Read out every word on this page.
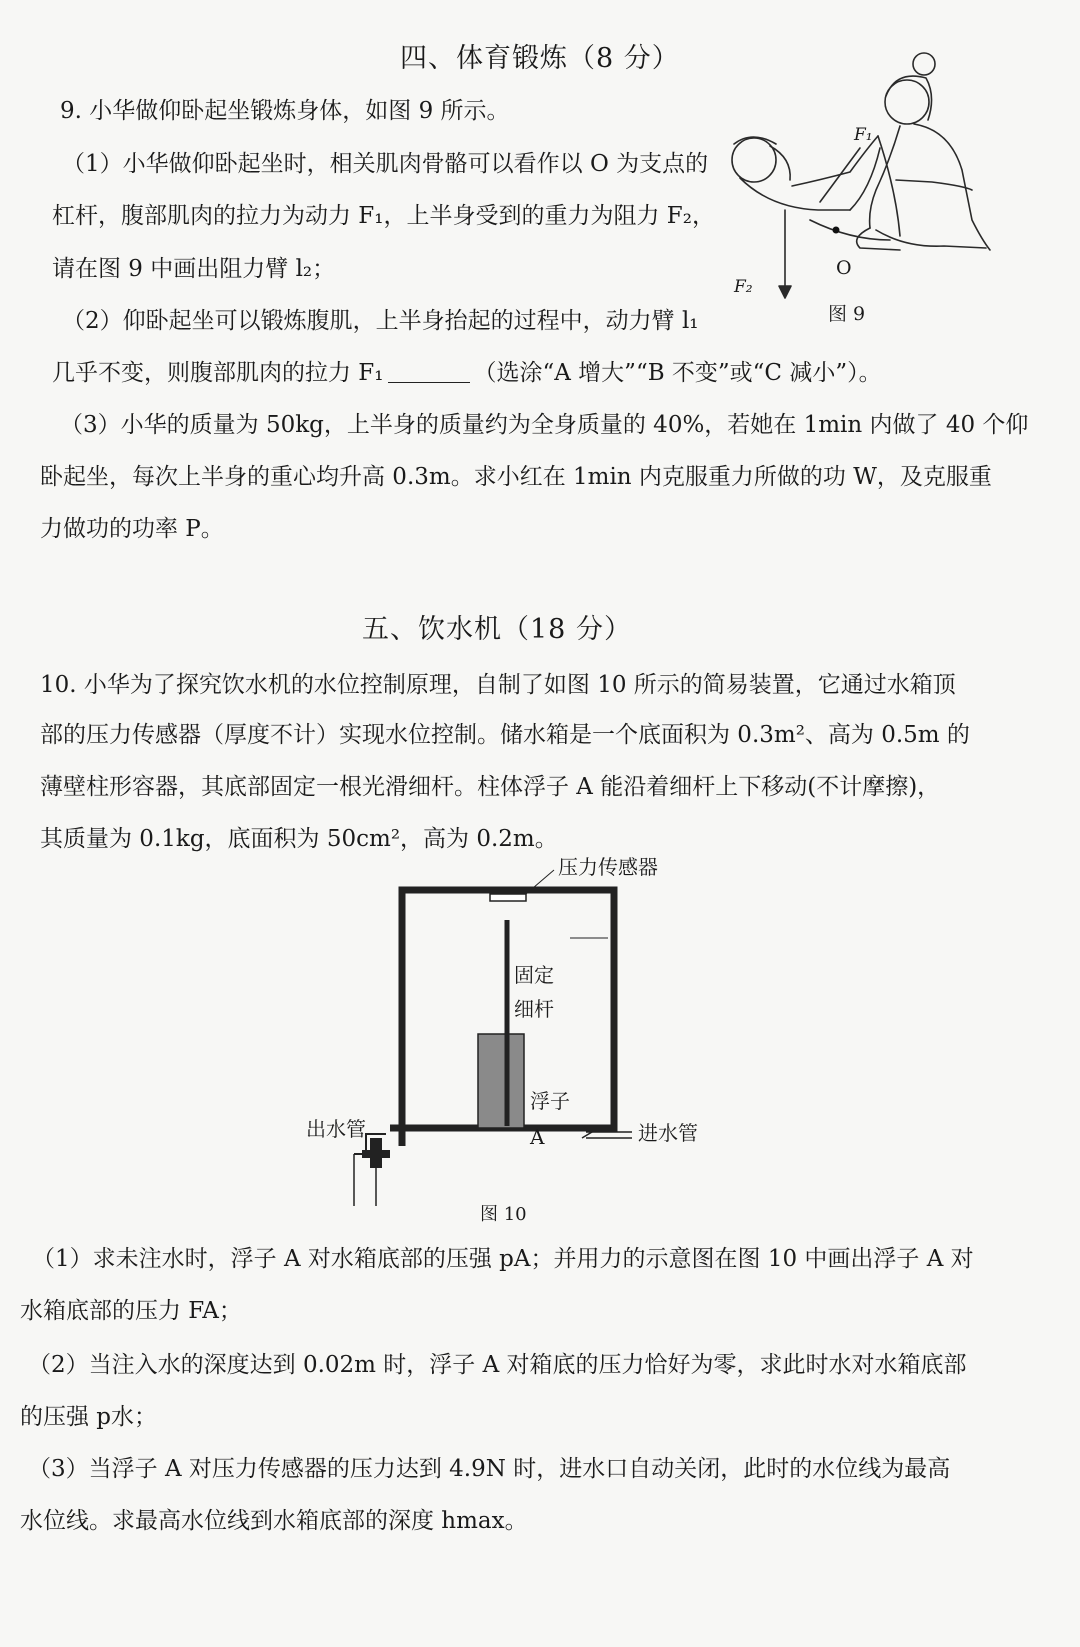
四、体育锻炼（8 分）
9. 小华做仰卧起坐锻炼身体，如图 9 所示。
（1）小华做仰卧起坐时，相关肌肉骨骼可以看作以 O 为支点的
杠杆，腹部肌肉的拉力为动力 F₁，上半身受到的重力为阻力 F₂，
请在图 9 中画出阻力臂 l₂；
（2）仰卧起坐可以锻炼腹肌，上半身抬起的过程中，动力臂 l₁
几乎不变，则腹部肌肉的拉力 F₁	（选涂“A 增大”“B 不变”或“C 减小”）。
（3）小华的质量为 50kg，上半身的质量约为全身质量的 40%，若她在 1min 内做了 40 个仰
卧起坐，每次上半身的重心均升高 0.3m。求小红在 1min 内克服重力所做的功 W，及克服重
力做功的功率 P。
F₁
F₂
O
图 9
五、饮水机（18 分）
10. 小华为了探究饮水机的水位控制原理，自制了如图 10 所示的简易装置，它通过水箱顶
部的压力传感器（厚度不计）实现水位控制。储水箱是一个底面积为 0.3m²、高为 0.5m 的
薄壁柱形容器，其底部固定一根光滑细杆。柱体浮子 A 能沿着细杆上下移动(不计摩擦)，
其质量为 0.1kg，底面积为 50cm²，高为 0.2m。
压力传感器
固定
细杆
浮子
A
出水管	进水管
图 10
（1）求未注水时，浮子 A 对水箱底部的压强 pA；并用力的示意图在图 10 中画出浮子 A 对
水箱底部的压力 FA；
（2）当注入水的深度达到 0.02m 时，浮子 A 对箱底的压力恰好为零，求此时水对水箱底部
的压强 p水；
（3）当浮子 A 对压力传感器的压力达到 4.9N 时，进水口自动关闭，此时的水位线为最高
水位线。求最高水位线到水箱底部的深度 hmax。
